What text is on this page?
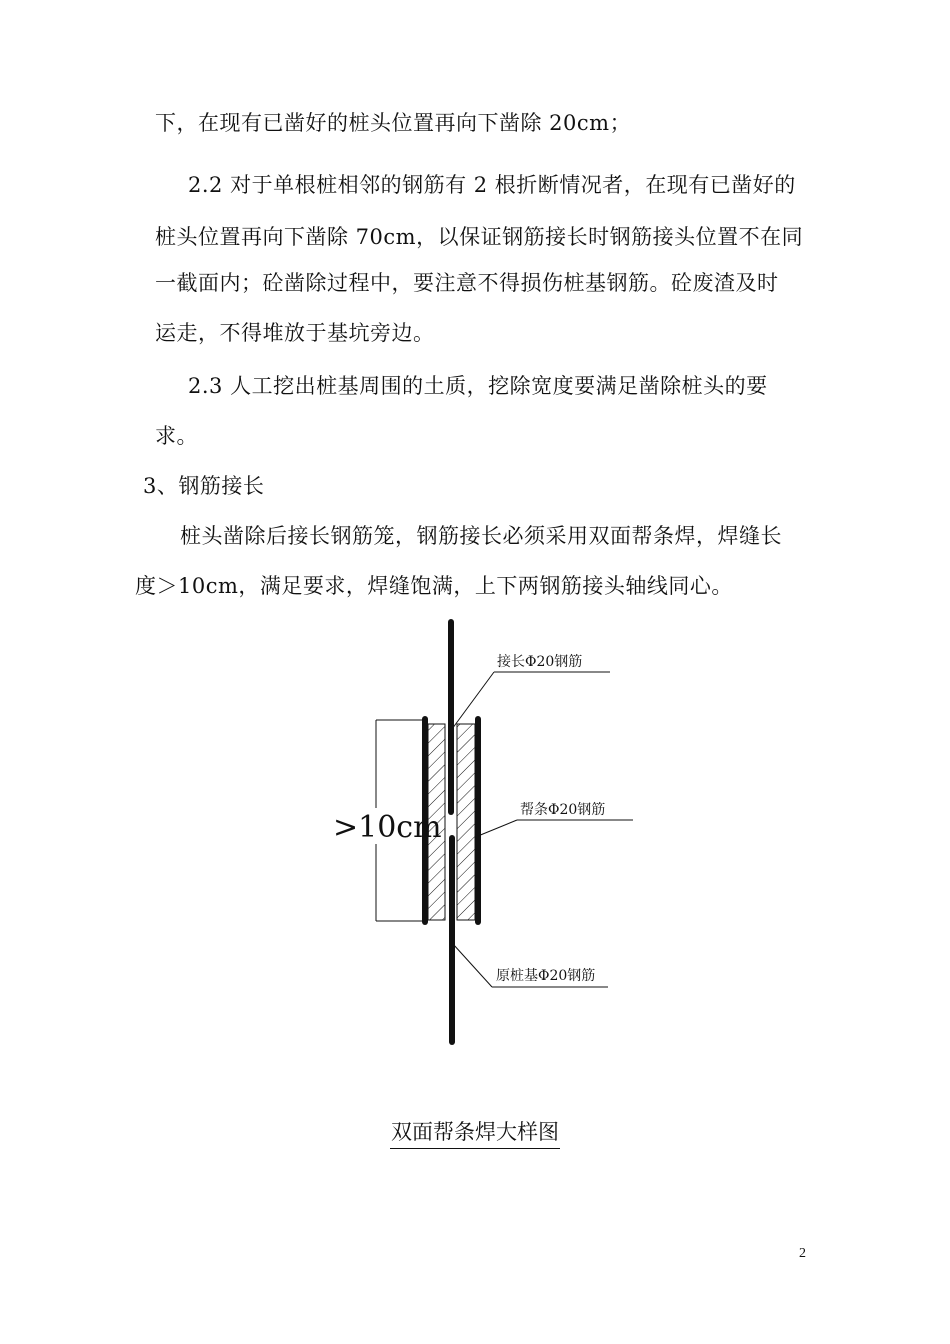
下，在现有已凿好的桩头位置再向下凿除 20cm；
2.2 对于单根桩相邻的钢筋有 2 根折断情况者，在现有已凿好的
桩头位置再向下凿除 70cm，以保证钢筋接长时钢筋接头位置不在同
一截面内；砼凿除过程中，要注意不得损伤桩基钢筋。砼废渣及时
运走，不得堆放于基坑旁边。
2.3 人工挖出桩基周围的土质，挖除宽度要满足凿除桩头的要
求。
3、钢筋接长
桩头凿除后接长钢筋笼，钢筋接长必须采用双面帮条焊，焊缝长
度＞10cm，满足要求，焊缝饱满，上下两钢筋接头轴线同心。
>10cm
接长Φ20钢筋
帮条Φ20钢筋
原桩基Φ20钢筋
双面帮条焊大样图
2
